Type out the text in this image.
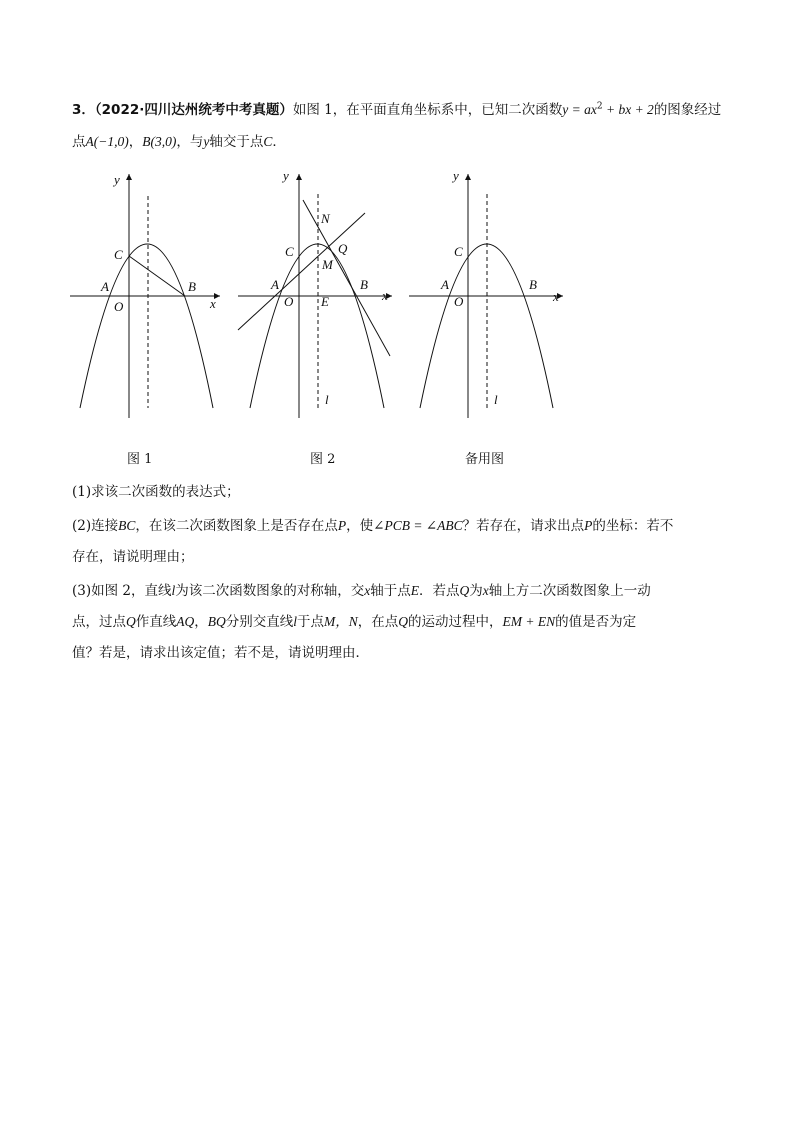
3．（2022·四川达州统考中考真题）如图 1，在平面直角坐标系中，已知二次函数$y = ax^2$ + bx + 2的图象经过
点A(−1,0)，B(3,0)，与y轴交于点C．
x
y
C
A	B
O
x
y
N
Q
M
C
A	B
O E
l
x
y
C
A	B
O
l
图 1	图 2	备用图
(1)求该二次函数的表达式；
(2)连接BC，在该二次函数图象上是否存在点P，使∠PCB = ∠ABC？若存在，请求出点P的坐标：若不
存在，请说明理由；
(3)如图 2，直线l为该二次函数图象的对称轴，交x轴于点E．若点Q为x轴上方二次函数图象上一动
点，过点Q作直线AQ，BQ分别交直线l于点M，N，在点Q的运动过程中，EM + EN的值是否为定
值？若是，请求出该定值；若不是，请说明理由．
